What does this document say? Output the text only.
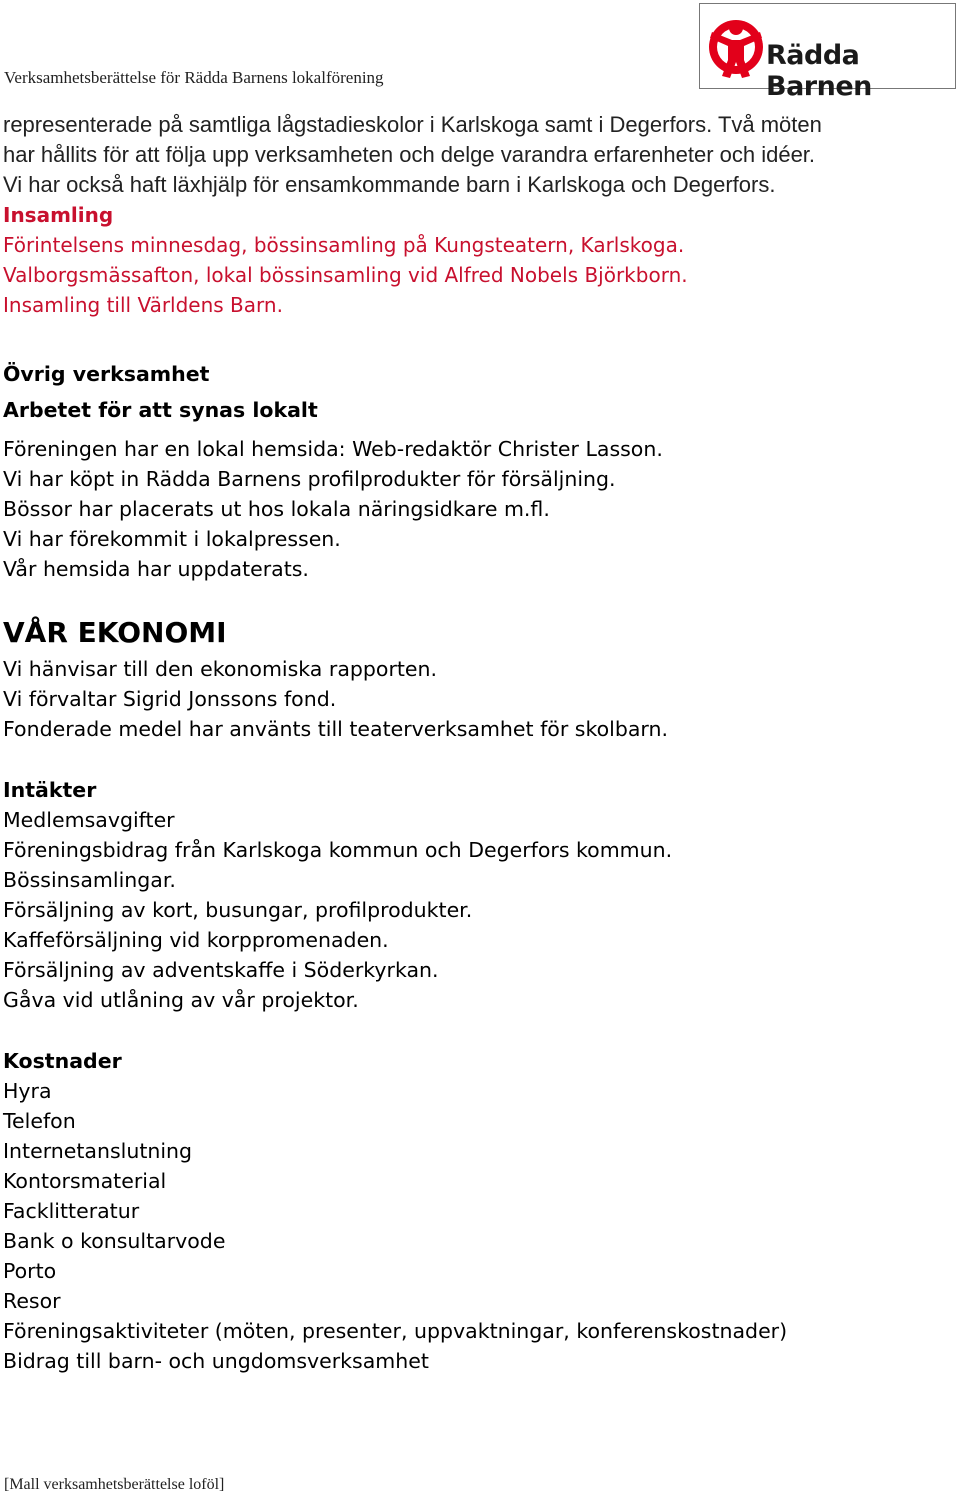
Verksamhetsberättelse för Rädda Barnens lokalförening
Rädda Barnen
representerade på samtliga lågstadieskolor i Karlskoga samt i Degerfors. Två möten
har hållits för att följa upp verksamheten och delge varandra erfarenheter och idéer.
Vi har också haft läxhjälp för ensamkommande barn i Karlskoga och Degerfors.
Insamling
Förintelsens minnesdag, bössinsamling på Kungsteatern, Karlskoga.
Valborgsmässafton, lokal bössinsamling vid Alfred Nobels Björkborn.
Insamling till Världens Barn.
Övrig verksamhet
Arbetet för att synas lokalt
Föreningen har en lokal hemsida: Web-redaktör Christer Lasson.
Vi har köpt in Rädda Barnens profilprodukter för försäljning.
Bössor har placerats ut hos lokala näringsidkare m.fl.
Vi har förekommit i lokalpressen.
Vår hemsida har uppdaterats.
VÅR EKONOMI
Vi hänvisar till den ekonomiska rapporten.
Vi förvaltar Sigrid Jonssons fond.
Fonderade medel har använts till teaterverksamhet för skolbarn.
Intäkter
Medlemsavgifter
Föreningsbidrag från Karlskoga kommun och Degerfors kommun.
Bössinsamlingar.
Försäljning av kort, busungar, profilprodukter.
Kaffeförsäljning vid korppromenaden.
Försäljning av adventskaffe i Söderkyrkan.
Gåva vid utlåning av vår projektor.
Kostnader
Hyra
Telefon
Internetanslutning
Kontorsmaterial
Facklitteratur
Bank o konsultarvode
Porto
Resor
Föreningsaktiviteter (möten, presenter, uppvaktningar, konferenskostnader)
Bidrag till barn- och ungdomsverksamhet
[Mall verksamhetsberättelse loföl]
